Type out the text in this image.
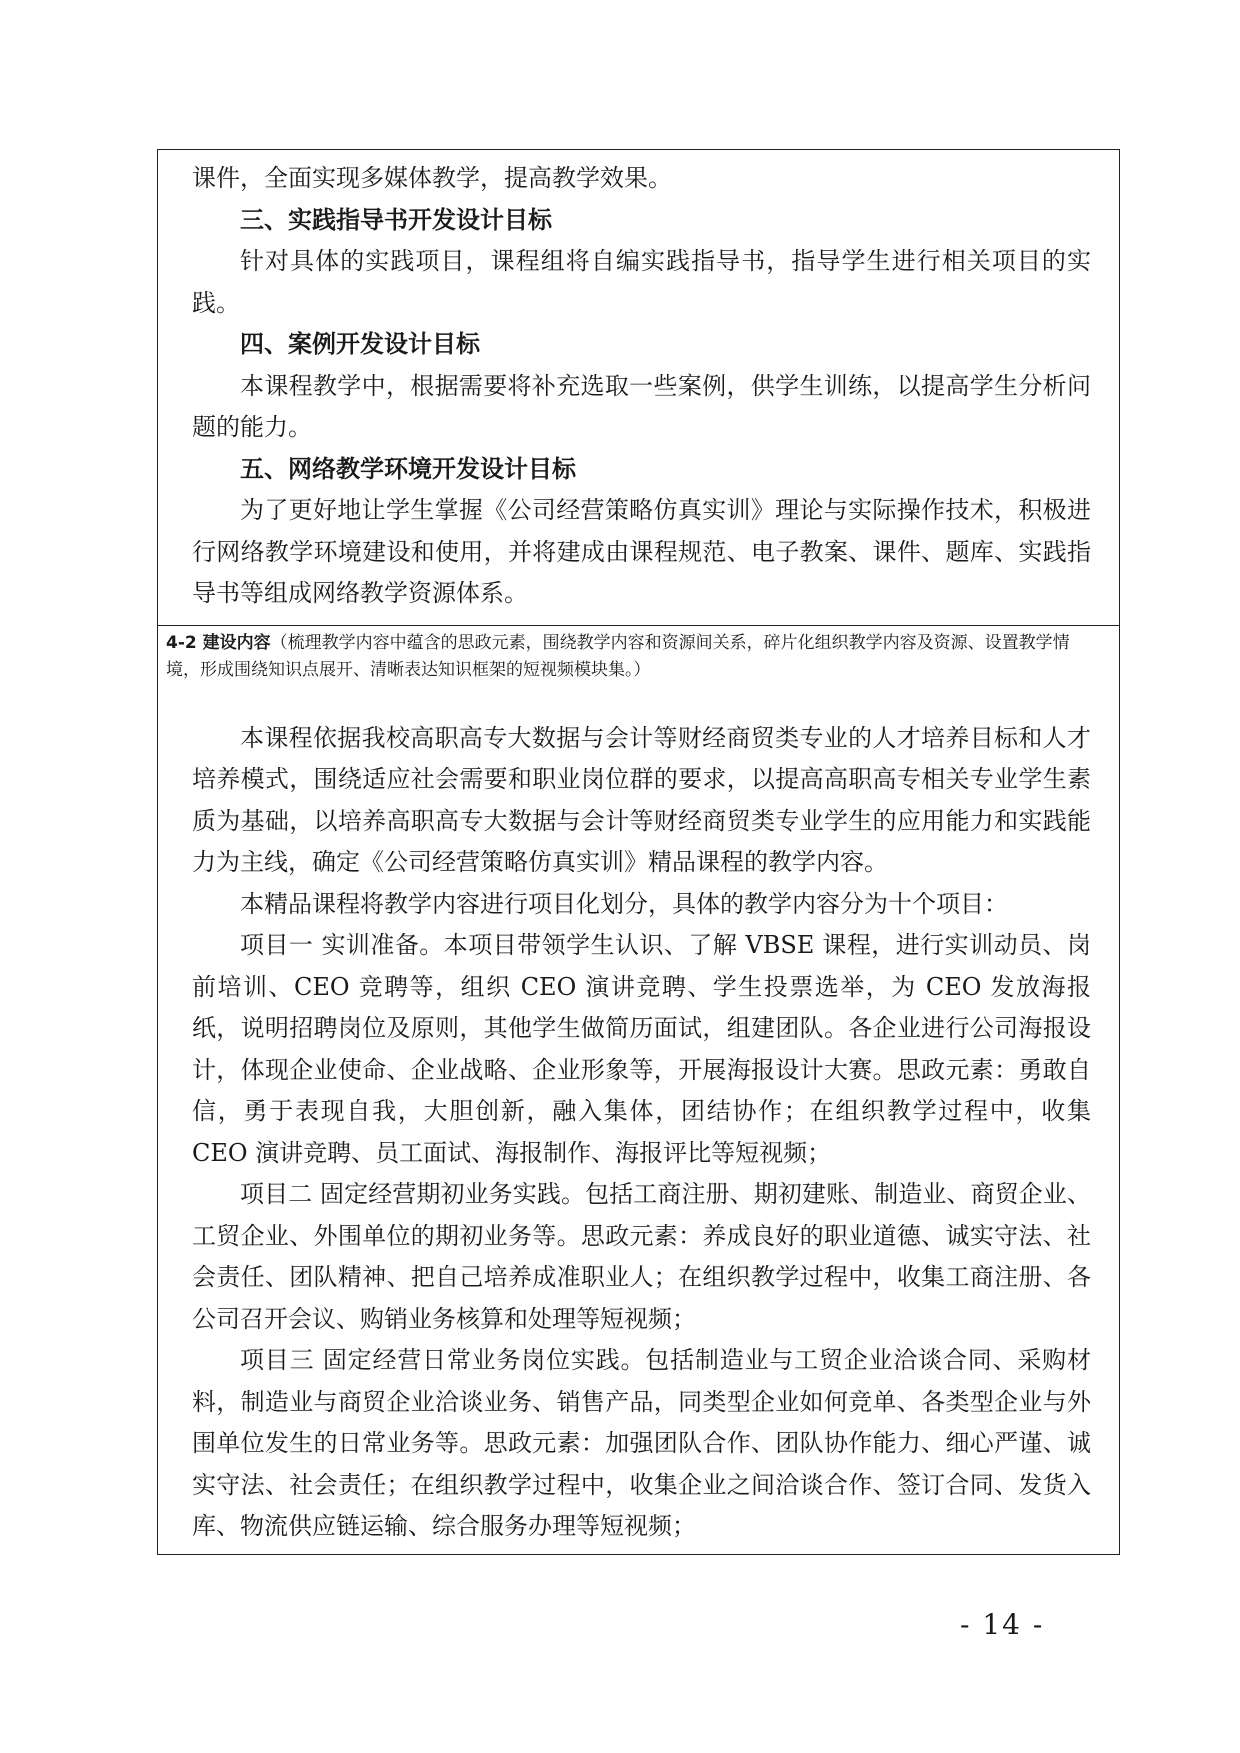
课件，全面实现多媒体教学，提高教学效果。

三、实践指导书开发设计目标

针对具体的实践项目，课程组将自编实践指导书，指导学生进行相关项目的实践。

四、案例开发设计目标

本课程教学中，根据需要将补充选取一些案例，供学生训练，以提高学生分析问题的能力。

五、网络教学环境开发设计目标

为了更好地让学生掌握《公司经营策略仿真实训》理论与实际操作技术，积极进行网络教学环境建设和使用，并将建成由课程规范、电子教案、课件、题库、实践指导书等组成网络教学资源体系。

4-2 建设内容（梳理教学内容中蕴含的思政元素，围绕教学内容和资源间关系，碎片化组织教学内容及资源、设置教学情境，形成围绕知识点展开、清晰表达知识框架的短视频模块集。）

本课程依据我校高职高专大数据与会计等财经商贸类专业的人才培养目标和人才培养模式，围绕适应社会需要和职业岗位群的要求，以提高高职高专相关专业学生素质为基础，以培养高职高专大数据与会计等财经商贸类专业学生的应用能力和实践能力为主线，确定《公司经营策略仿真实训》精品课程的教学内容。

本精品课程将教学内容进行项目化划分，具体的教学内容分为十个项目：

项目一 实训准备。本项目带领学生认识、了解 VBSE 课程，进行实训动员、岗前培训、CEO 竞聘等，组织 CEO 演讲竞聘、学生投票选举，为 CEO 发放海报纸，说明招聘岗位及原则，其他学生做简历面试，组建团队。各企业进行公司海报设计，体现企业使命、企业战略、企业形象等，开展海报设计大赛。思政元素：勇敢自信，勇于表现自我，大胆创新，融入集体，团结协作；在组织教学过程中，收集 CEO 演讲竞聘、员工面试、海报制作、海报评比等短视频；

项目二 固定经营期初业务实践。包括工商注册、期初建账、制造业、商贸企业、工贸企业、外围单位的期初业务等。思政元素：养成良好的职业道德、诚实守法、社会责任、团队精神、把自己培养成准职业人；在组织教学过程中，收集工商注册、各公司召开会议、购销业务核算和处理等短视频；

项目三 固定经营日常业务岗位实践。包括制造业与工贸企业洽谈合同、采购材料，制造业与商贸企业洽谈业务、销售产品，同类型企业如何竞单、各类型企业与外围单位发生的日常业务等。思政元素：加强团队合作、团队协作能力、细心严谨、诚实守法、社会责任；在组织教学过程中，收集企业之间洽谈合作、签订合同、发货入库、物流供应链运输、综合服务办理等短视频；

- 14 -
